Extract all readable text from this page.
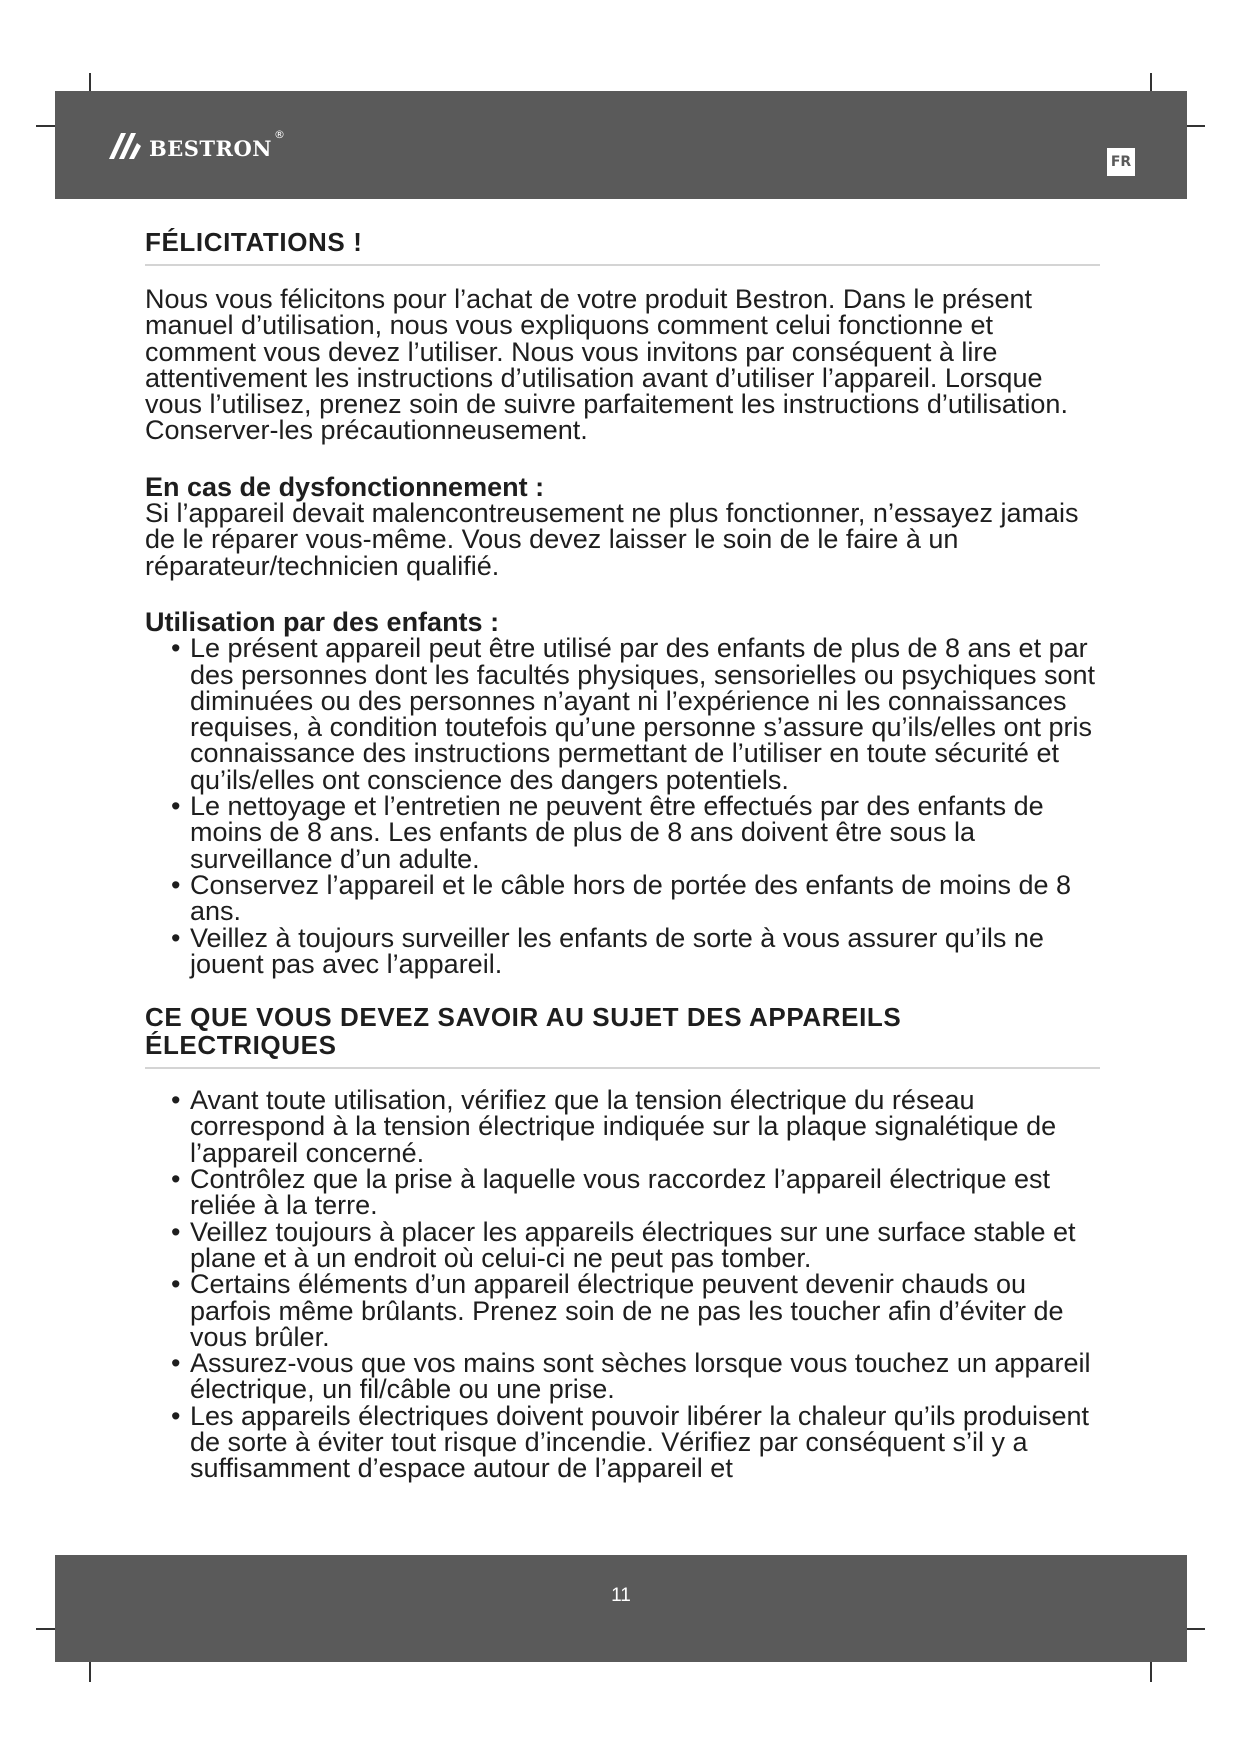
bestron ®
FR
FÉLICITATIONS !

Nous vous félicitons pour l’achat de votre produit Bestron. Dans le présent manuel d’utilisation, nous vous expliquons comment celui fonctionne et comment vous devez l’utiliser. Nous vous invitons par conséquent à lire attentivement les instructions d’utilisation avant d’utiliser l’appareil. Lorsque vous l’utilisez, prenez soin de suivre parfaitement les instructions d’utilisation. Conserver-les précautionneusement.

En cas de dysfonctionnement :

Si l’appareil devait malencontreusement ne plus fonctionner, n’essayez jamais de le réparer vous-même. Vous devez laisser le soin de le faire à un réparateur/technicien qualifié.

Utilisation par des enfants :
• Le présent appareil peut être utilisé par des enfants de plus de 8 ans et par des personnes dont les facultés physiques, sensorielles ou psychiques sont diminuées ou des personnes n’ayant ni l’expérience ni les connaissances requises, à condition toutefois qu’une personne s’assure qu’ils/elles ont pris connaissance des instructions permettant de l’utiliser en toute sécurité et qu’ils/elles ont conscience des dangers potentiels.
• Le nettoyage et l’entretien ne peuvent être effectués par des enfants de moins de 8 ans. Les enfants de plus de 8 ans doivent être sous la surveillance d’un adulte.
• Conservez l’appareil et le câble hors de portée des enfants de moins de 8 ans.
• Veillez à toujours surveiller les enfants de sorte à vous assurer qu’ils ne jouent pas avec l’appareil.
CE QUE VOUS DEVEZ SAVOIR AU SUJET DES APPAREILS ÉLECTRIQUES
• Avant toute utilisation, vérifiez que la tension électrique du réseau correspond à la tension électrique indiquée sur la plaque signalétique de l’appareil concerné.
• Contrôlez que la prise à laquelle vous raccordez l’appareil électrique est reliée à la terre.
• Veillez toujours à placer les appareils électriques sur une surface stable et plane et à un endroit où celui-ci ne peut pas tomber.
• Certains éléments d’un appareil électrique peuvent devenir chauds ou parfois même brûlants. Prenez soin de ne pas les toucher afin d’éviter de vous brûler.
• Assurez-vous que vos mains sont sèches lorsque vous touchez un appareil électrique, un fil/câble ou une prise.
• Les appareils électriques doivent pouvoir libérer la chaleur qu’ils produisent de sorte à éviter tout risque d’incendie. Vérifiez par conséquent s’il y a suffisamment d’espace autour de l’appareil et
11
